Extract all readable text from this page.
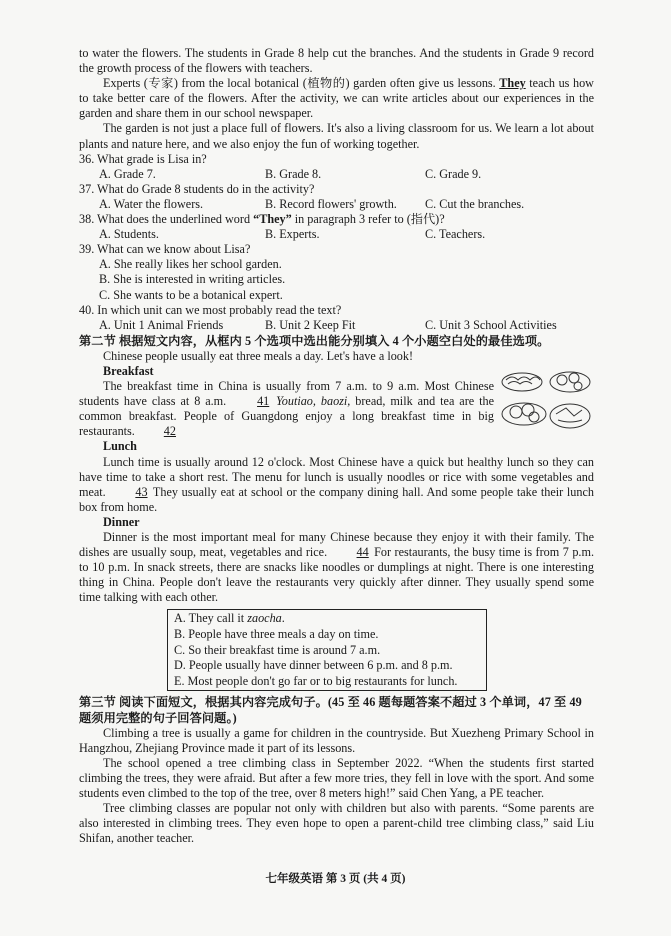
to water the flowers. The students in Grade 8 help cut the branches. And the students in Grade 9 record the growth process of the flowers with teachers.

Experts (专家) from the local botanical (植物的) garden often give us lessons. They teach us how to take better care of the flowers. After the activity, we can write articles about our experiences in the garden and share them in our school newspaper.

The garden is not just a place full of flowers. It's also a living classroom for us. We learn a lot about plants and nature here, and we also enjoy the fun of working together.

36. What grade is Lisa in?
A. Grade 7.	B. Grade 8.	C. Grade 9.
37. What do Grade 8 students do in the activity?
A. Water the flowers.	B. Record flowers' growth.	C. Cut the branches.
38. What does the underlined word “They” in paragraph 3 refer to (指代)?
A. Students.	B. Experts.	C. Teachers.
39. What can we know about Lisa?
A. She really likes her school garden.
B. She is interested in writing articles.
C. She wants to be a botanical expert.
40. In which unit can we most probably read the text?
A. Unit 1 Animal Friends	B. Unit 2 Keep Fit	C. Unit 3 School Activities
第二节 根据短文内容，从框内 5 个选项中选出能分别填入 4 个小题空白处的最佳选项。

Chinese people usually eat three meals a day. Let's have a look!

Breakfast

The breakfast time in China is usually from 7 a.m. to 9 a.m. Most Chinese students have class at 8 a.m. 41 Youtiao, baozi, bread, milk and tea are the common breakfast. People of Guangdong enjoy a long breakfast time in big restaurants. 42

Lunch

Lunch time is usually around 12 o'clock. Most Chinese have a quick but healthy lunch so they can have time to take a short rest. The menu for lunch is usually noodles or rice with some vegetables and meat. 43 They usually eat at school or the company dining hall. And some people take their lunch box from home.

Dinner

Dinner is the most important meal for many Chinese because they enjoy it with their family. The dishes are usually soup, meat, vegetables and rice. 44 For restaurants, the busy time is from 7 p.m. to 10 p.m. In snack streets, there are snacks like noodles or dumplings at night. There is one interesting thing in China. People don't leave the restaurants very quickly after dinner. They usually spend some time talking with each other.

A. They call it zaocha.
B. People have three meals a day on time.
C. So their breakfast time is around 7 a.m.
D. People usually have dinner between 6 p.m. and 8 p.m.
E. Most people don't go far or to big restaurants for lunch.
第三节 阅读下面短文，根据其内容完成句子。(45 至 46 题每题答案不超过 3 个单词，47 至 49 题须用完整的句子回答问题。)

Climbing a tree is usually a game for children in the countryside. But Xuezheng Primary School in Hangzhou, Zhejiang Province made it part of its lessons.

The school opened a tree climbing class in September 2022. “When the students first started climbing the trees, they were afraid. But after a few more tries, they fell in love with the sport. And some students even climbed to the top of the tree, over 8 meters high!” said Chen Yang, a PE teacher.

Tree climbing classes are popular not only with children but also with parents. “Some parents are also interested in climbing trees. They even hope to open a parent-child tree climbing class,” said Liu Shifan, another teacher.

七年级英语 第 3 页 (共 4 页)
